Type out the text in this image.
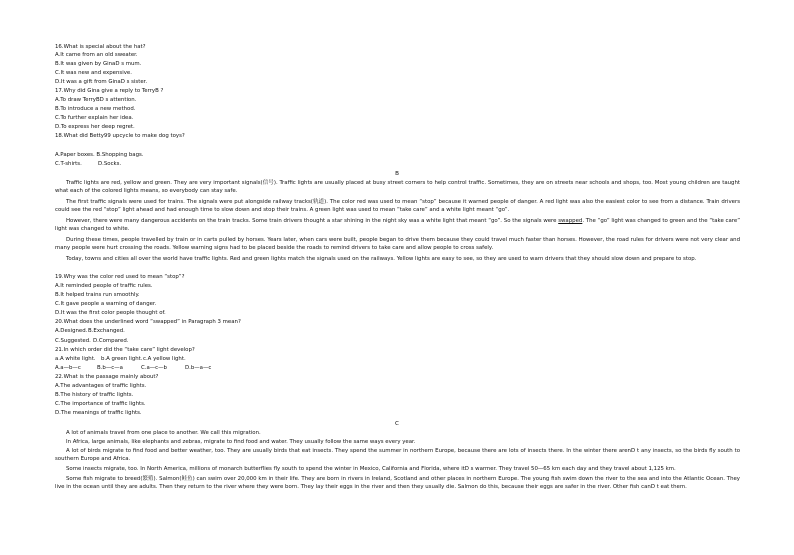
16.What is special about the hat?
A.It came from an old sweater.
B.It was given by GinaD s mum.
C.It was new and expensive.
D.It was a gift from GinaD s sister.
17.Why did Gina give a reply to TerryB ?
A.To draw TerryBD s attention.
B.To introduce a new method.
C.To further explain her idea.
D.To express her deep regret.
18.What did Betty99 upcycle to make dog toys?
A.Paper boxes. B.Shopping bags.
C.T-shirts.	D.Socks.
B

Traffic lights are red, yellow and green. They are very important signals(信号). Traffic lights are usually placed at busy street corners to help control traffic. Sometimes, they are on streets near schools and shops, too. Most young children are taught what each of the colored lights means, so everybody can stay safe.

The first traffic signals were used for trains. The signals were put alongside railway tracks(轨道). The color red was used to mean “stop” because it warned people of danger. A red light was also the easiest color to see from a distance. Train drivers could see the red “stop” light ahead and had enough time to slow down and stop their trains. A green light was used to mean “take care” and a white light meant “go”.

However, there were many dangerous accidents on the train tracks. Some train drivers thought a star shining in the night sky was a white light that meant “go”. So the signals were swapped. The “go” light was changed to green and the “take care” light was changed to white.

During these times, people travelled by train or in carts pulled by horses. Years later, when cars were built, people began to drive them because they could travel much faster than horses. However, the road rules for drivers were not very clear and many people were hurt crossing the roads. Yellow warning signs had to be placed beside the roads to remind drivers to take care and allow people to cross safely.

Today, towns and cities all over the world have traffic lights. Red and green lights match the signals used on the railways. Yellow lights are easy to see, so they are used to warn drivers that they should slow down and prepare to stop.

19.Why was the color red used to mean “stop”?
A.It reminded people of traffic rules.
B.It helped trains run smoothly.
C.It gave people a warning of danger.
D.It was the first color people thought of.
20.What does the underlined word “swapped” in Paragraph 3 mean?
A.Designed. B.Exchanged.
C.Suggested. D.Compared.
21.In which order did the “take care” light develop?
a.A white light. b.A green light. c.A yellow light.
A.a—b—c	B.b—c—a	C.a—c—b	D.b—a—c
22.What is the passage mainly about?
A.The advantages of traffic lights.
B.The history of traffic lights.
C.The importance of traffic lights.
D.The meanings of traffic lights.
C

A lot of animals travel from one place to another. We call this migration.

In Africa, large animals, like elephants and zebras, migrate to find food and water. They usually follow the same ways every year.

A lot of birds migrate to find food and better weather, too. They are usually birds that eat insects. They spend the summer in northern Europe, because there are lots of insects there. In the winter there arenD t any insects, so the birds fly south to southern Europe and Africa.

Some insects migrate, too. In North America, millions of monarch butterflies fly south to spend the winter in Mexico, California and Florida, where itD s warmer. They travel 50—65 km each day and they travel about 1,125 km.

Some fish migrate to breed(繁殖). Salmon(鲑鱼) can swim over 20,000 km in their life. They are born in rivers in Ireland, Scotland and other places in northern Europe. The young fish swim down the river to the sea and into the Atlantic Ocean. They live in the ocean until they are adults. Then they return to the river where they were born. They lay their eggs in the river and then they usually die. Salmon do this, because their eggs are safer in the river. Other fish canD t eat them.
